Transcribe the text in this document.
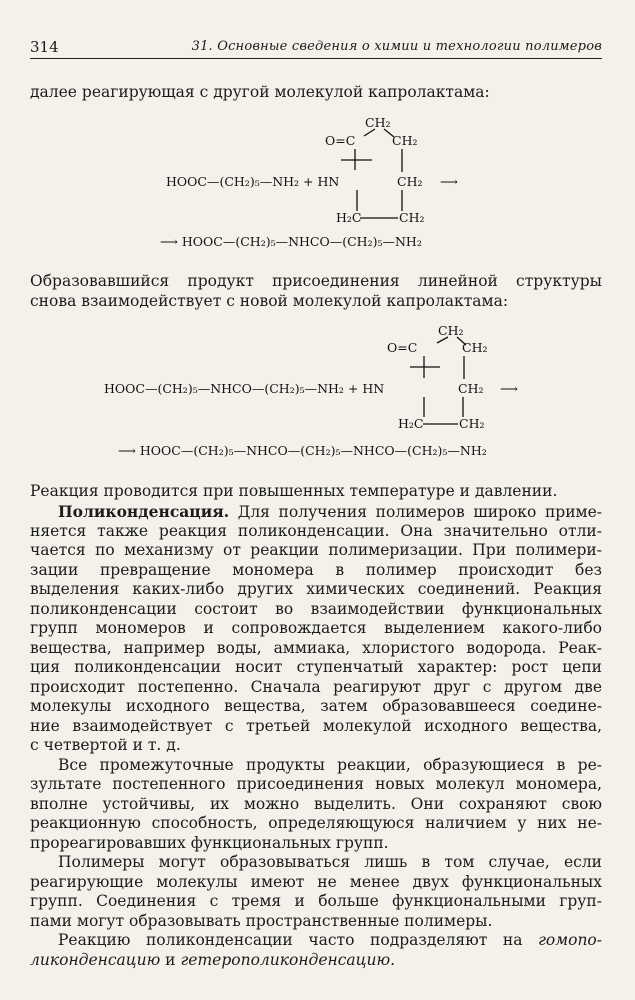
314	31. Основные сведения о химии и технологии полимеров
далее реагирующая с другой молекулой капролактама:
CH₂
O=C	CH₂
HOOC—(CH₂)₅—NH₂ + HN	CH₂ ⟶
H₂C	CH₂
⟶ HOOC—(CH₂)₅—NHCO—(CH₂)₅—NH₂
Образовавшийся продукт присоединения линейной структуры
снова взаимодействует с новой молекулой капролактама:
CH₂
O=C	CH₂
HOOC—(CH₂)₅—NHCO—(CH₂)₅—NH₂ + HN	CH₂ ⟶
H₂C	CH₂
⟶ HOOC—(CH₂)₅—NHCO—(CH₂)₅—NHCO—(CH₂)₅—NH₂
Реакция проводится при повышенных температуре и давлении.
Поликонденсация. Для получения полимеров широко приме-
няется также реакция поликонденсации. Она значительно отли-
чается по механизму от реакции полимеризации. При полимери-
зации превращение мономера в полимер происходит без
выделения каких-либо других химических соединений. Реакция
поликонденсации состоит во взаимодействии функциональных
групп мономеров и сопровождается выделением какого-либо
вещества, например воды, аммиака, хлористого водорода. Реак-
ция поликонденсации носит ступенчатый характер: рост цепи
происходит постепенно. Сначала реагируют друг с другом две
молекулы исходного вещества, затем образовавшееся соедине-
ние взаимодействует с третьей молекулой исходного вещества,
с четвертой и т. д.
Все промежуточные продукты реакции, образующиеся в ре-
зультате постепенного присоединения новых молекул мономера,
вполне устойчивы, их можно выделить. Они сохраняют свою
реакционную способность, определяющуюся наличием у них не-
прореагировавших функциональных групп.
Полимеры могут образовываться лишь в том случае, если
реагирующие молекулы имеют не менее двух функциональных
групп. Соединения с тремя и больше функциональными груп-
пами могут образовывать пространственные полимеры.
Реакцию поликонденсации часто подразделяют на гомопо-
ликонденсацию и гетерополиконденсацию.
